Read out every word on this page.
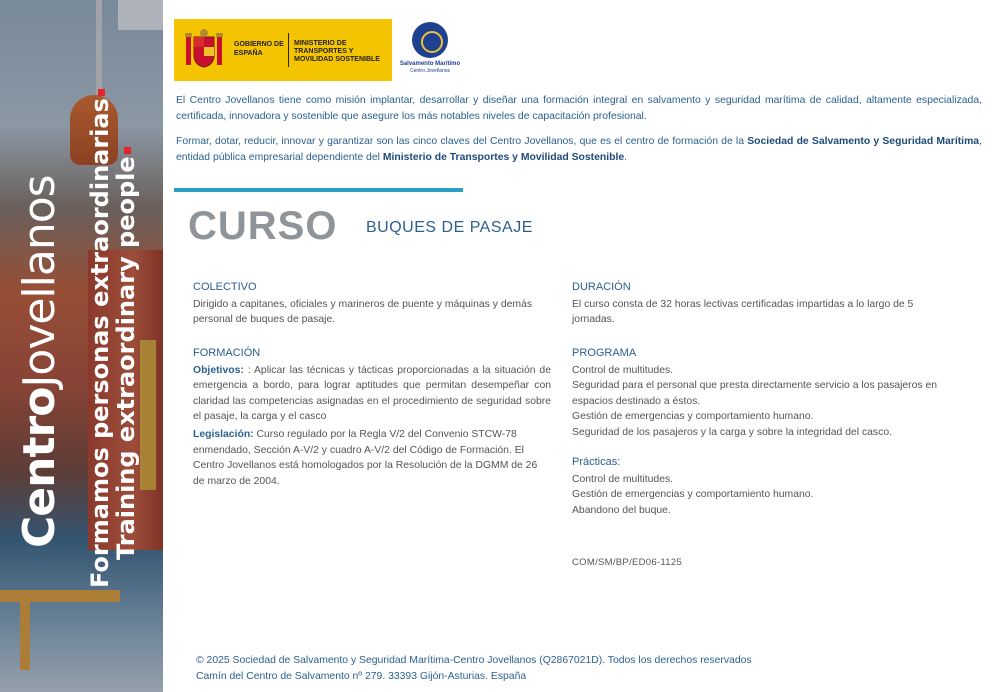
CentroJovellanos Formamos personas extraordinarias
Training extraordinary people
GOBIERNO DE ESPAÑA
MINISTERIO DE TRANSPORTES Y MOVILIDAD SOSTENIBLE
Salvamento Marítimo
Centro Jovellanos

El Centro Jovellanos tiene como misión implantar, desarrollar y diseñar una formación integral en salvamento y seguridad marítima de calidad, altamente especializada, certificada, innovadora y sostenible que asegure los más notables niveles de capacitación profesional.

Formar, dotar, reducir, innovar y garantizar son las cinco claves del Centro Jovellanos, que es el centro de formación de la Sociedad de Salvamento y Seguridad Marítima, entidad pública empresarial dependiente del Ministerio de Transportes y Movilidad Sostenible.

CURSO BUQUES DE PASAJE
COLECTIVO

Dirigido a capitanes, oficiales y marineros de puente y máquinas y demás personal de buques de pasaje.

FORMACIÓN

Objetivos: : Aplicar las técnicas y tácticas proporcionadas a la situación de emergencia a bordo, para lograr aptitudes que permitan desempeñar con claridad las competencias asignadas en el procedimiento de seguridad sobre el pasaje, la carga y el casco

Legislación: Curso regulado por la Regla V/2 del Convenio STCW-78 enmendado, Sección A-V/2 y cuadro A-V/2 del Código de Formación. El Centro Jovellanos está homologados por la Resolución de la DGMM de 26 de marzo de 2004.

DURACIÓN

El curso consta de 32 horas lectivas certificadas impartidas a lo largo de 5 jornadas.

PROGRAMA

Control de multitudes.

Seguridad para el personal que presta directamente servicio a los pasajeros en espacios destinado a éstos.

Gestión de emergencias y comportamiento humano.

Seguridad de los pasajeros y la carga y sobre la integridad del casco.

Prácticas:

Control de multitudes.

Gestión de emergencias y comportamiento humano.

Abandono del buque.

COM/SM/BP/ED06-1125
© 2025 Sociedad de Salvamento y Seguridad Marítima-Centro Jovellanos (Q2867021D). Todos los derechos reservados
Camín del Centro de Salvamento nº 279. 33393 Gijón-Asturias. España
